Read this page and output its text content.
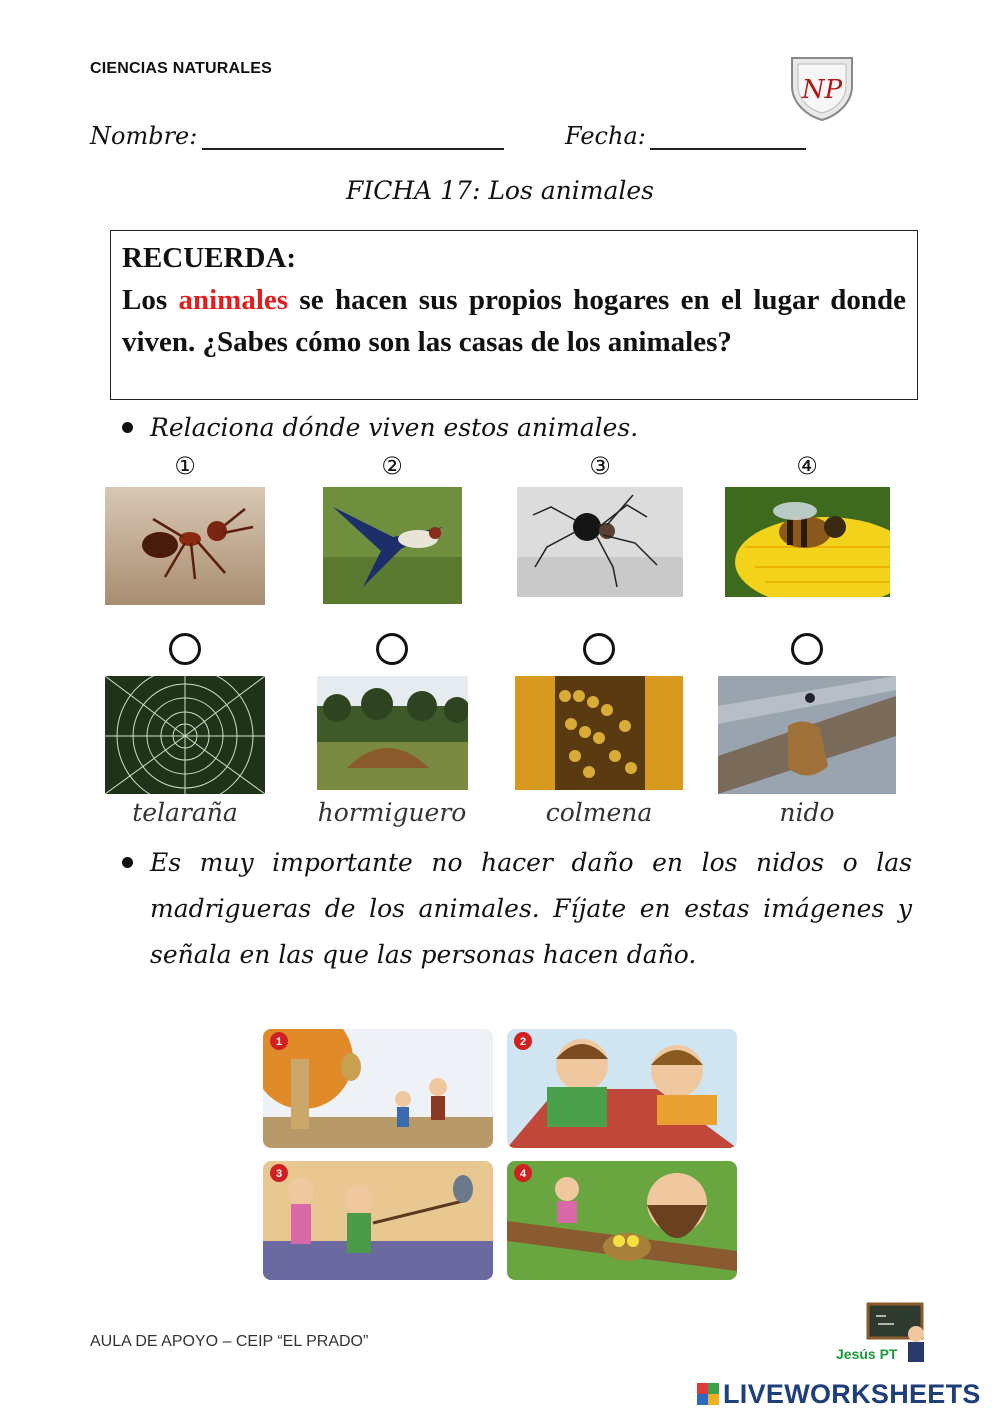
CIENCIAS NATURALES
NP
Nombre:	Fecha:
FICHA 17: Los animales
RECUERDA:
Los animales se hacen sus propios hogares en el lugar donde viven. ¿Sabes cómo son las casas de los animales?
Relaciona dónde viven estos animales.
①	②	③	④
telaraña	hormiguero	colmena	nido
Es muy importante no hacer daño en los nidos o las madrigueras de los animales. Fíjate en estas imágenes y señala en las que las personas hacen daño.
1	2
3	4
AULA DE APOYO – CEIP “EL PRADO”
Jesús PT
LIVEWORKSHEETS
